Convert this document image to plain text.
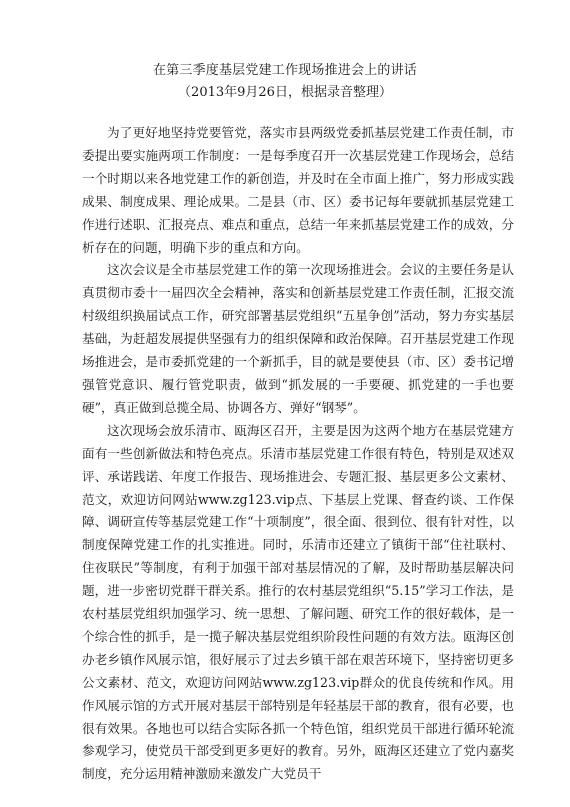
在第三季度基层党建工作现场推进会上的讲话
（2013年9月26日，根据录音整理）

为了更好地坚持党要管党，落实市县两级党委抓基层党建工作责任制，市委提出要实施两项工作制度：一是每季度召开一次基层党建工作现场会，总结一个时期以来各地党建工作的新创造，并及时在全市面上推广，努力形成实践成果、制度成果、理论成果。二是县（市、区）委书记每年要就抓基层党建工作进行述职、汇报亮点、难点和重点，总结一年来抓基层党建工作的成效，分析存在的问题，明确下步的重点和方向。

这次会议是全市基层党建工作的第一次现场推进会。会议的主要任务是认真贯彻市委十一届四次全会精神，落实和创新基层党建工作责任制，汇报交流村级组织换届试点工作，研究部署基层党组织“五星争创”活动，努力夯实基层基础，为赶超发展提供坚强有力的组织保障和政治保障。召开基层党建工作现场推进会，是市委抓党建的一个新抓手，目的就是要使县（市、区）委书记增强管党意识、履行管党职责，做到“抓发展的一手要硬、抓党建的一手也要硬”，真正做到总揽全局、协调各方、弹好“钢琴”。

这次现场会放乐清市、瓯海区召开，主要是因为这两个地方在基层党建方面有一些创新做法和特色亮点。乐清市基层党建工作很有特色，特别是双述双评、承诺践诺、年度工作报告、现场推进会、专题汇报、基层更多公文素材、范文，欢迎访问网站www.zg123.vip点、下基层上党课、督查约谈、工作保障、调研宣传等基层党建工作“十项制度”，很全面、很到位、很有针对性，以制度保障党建工作的扎实推进。同时，乐清市还建立了镇街干部“住社联村、住夜联民”等制度，有利于加强干部对基层情况的了解，及时帮助基层解决问题，进一步密切党群干群关系。推行的农村基层党组织“5.15”学习工作法，是农村基层党组织加强学习、统一思想、了解问题、研究工作的很好载体，是一个综合性的抓手，是一揽子解决基层党组织阶段性问题的有效方法。瓯海区创办老乡镇作风展示馆，很好展示了过去乡镇干部在艰苦环境下，坚持密切更多公文素材、范文，欢迎访问网站www.zg123.vip群众的优良传统和作风。用作风展示馆的方式开展对基层干部特别是年轻基层干部的教育，很有必要，也很有效果。各地也可以结合实际各抓一个特色馆，组织党员干部进行循环轮流参观学习，使党员干部受到更多更好的教育。另外，瓯海区还建立了党内嘉奖制度，充分运用精神激励来激发广大党员干
